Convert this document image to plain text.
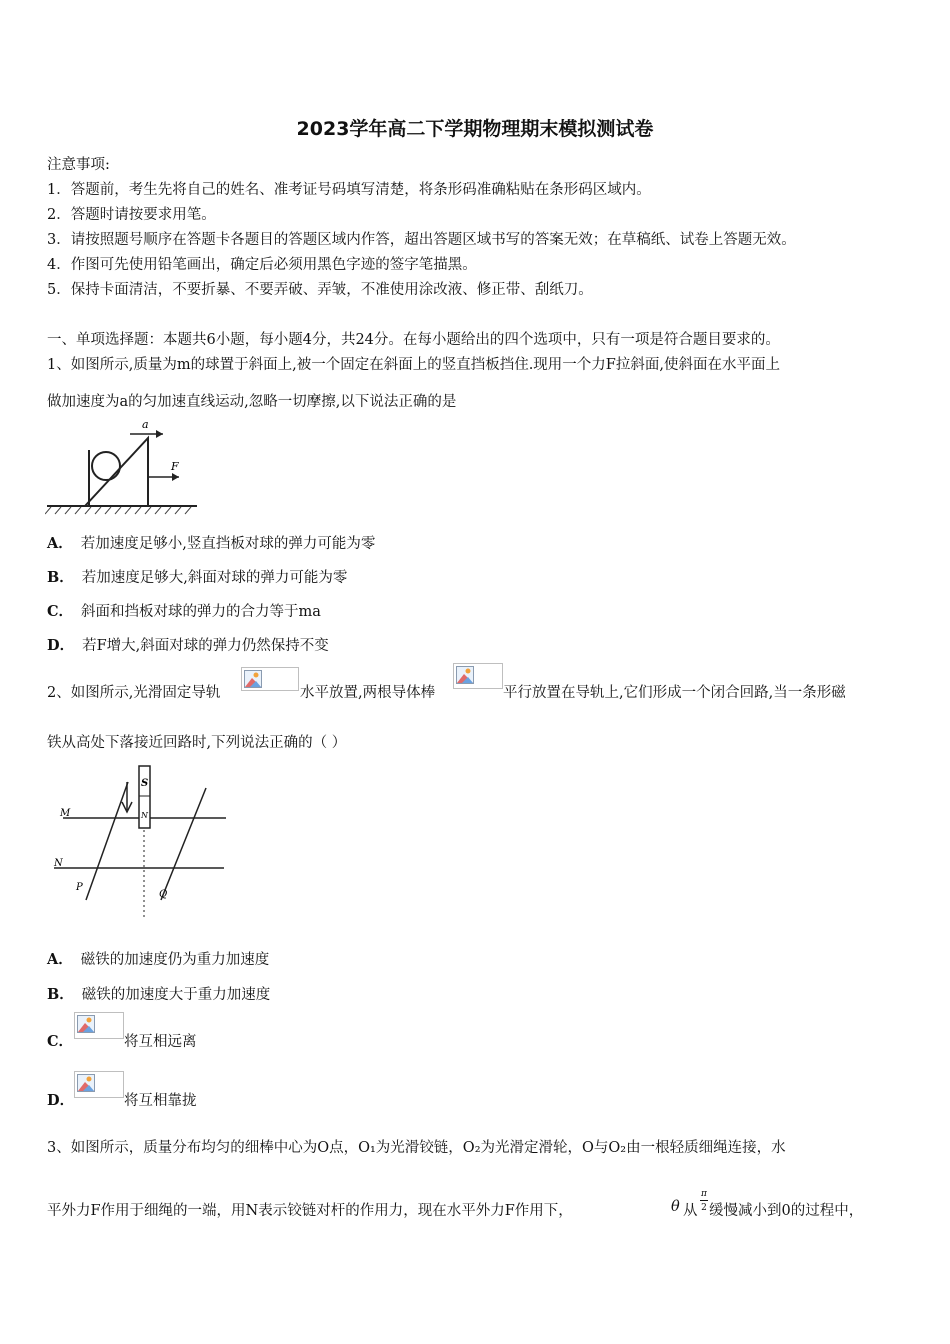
2023学年高二下学期物理期末模拟测试卷
注意事项:
1．答题前，考生先将自己的姓名、准考证号码填写清楚，将条形码准确粘贴在条形码区域内。
2．答题时请按要求用笔。
3．请按照题号顺序在答题卡各题目的答题区域内作答，超出答题区域书写的答案无效；在草稿纸、试卷上答题无效。
4．作图可先使用铅笔画出，确定后必须用黑色字迹的签字笔描黑。
5．保持卡面清洁，不要折暴、不要弄破、弄皱，不准使用涂改液、修正带、刮纸刀。
一、单项选择题：本题共6小题，每小题4分，共24分。在每小题给出的四个选项中，只有一项是符合题目要求的。
1、如图所示,质量为m的球置于斜面上,被一个固定在斜面上的竖直挡板挡住.现用一个力F拉斜面,使斜面在水平面上
做加速度为a的匀加速直线运动,忽略一切摩擦,以下说法正确的是
a
F
A． 若加速度足够小,竖直挡板对球的弹力可能为零
B． 若加速度足够大,斜面对球的弹力可能为零
C． 斜面和挡板对球的弹力的合力等于ma
D． 若F增大,斜面对球的弹力仍然保持不变
2、如图所示,光滑固定导轨	水平放置,两根导体棒	平行放置在导轨上,它们形成一个闭合回路,当一条形磁
铁从高处下落接近回路时,下列说法正确的（ ）
S
N
M
N
P
Q
A． 磁铁的加速度仍为重力加速度
B． 磁铁的加速度大于重力加速度
C．	将互相远离
D．	将互相靠拢
3、如图所示，质量分布均匀的细棒中心为O点，O₁为光滑铰链，O₂为光滑定滑轮，O与O₂由一根轻质细绳连接，水
平外力F作用于细绳的一端，用N表示铰链对杆的作用力，现在水平外力F作用下，	θ 从
π
2 缓慢减小到0的过程中，
